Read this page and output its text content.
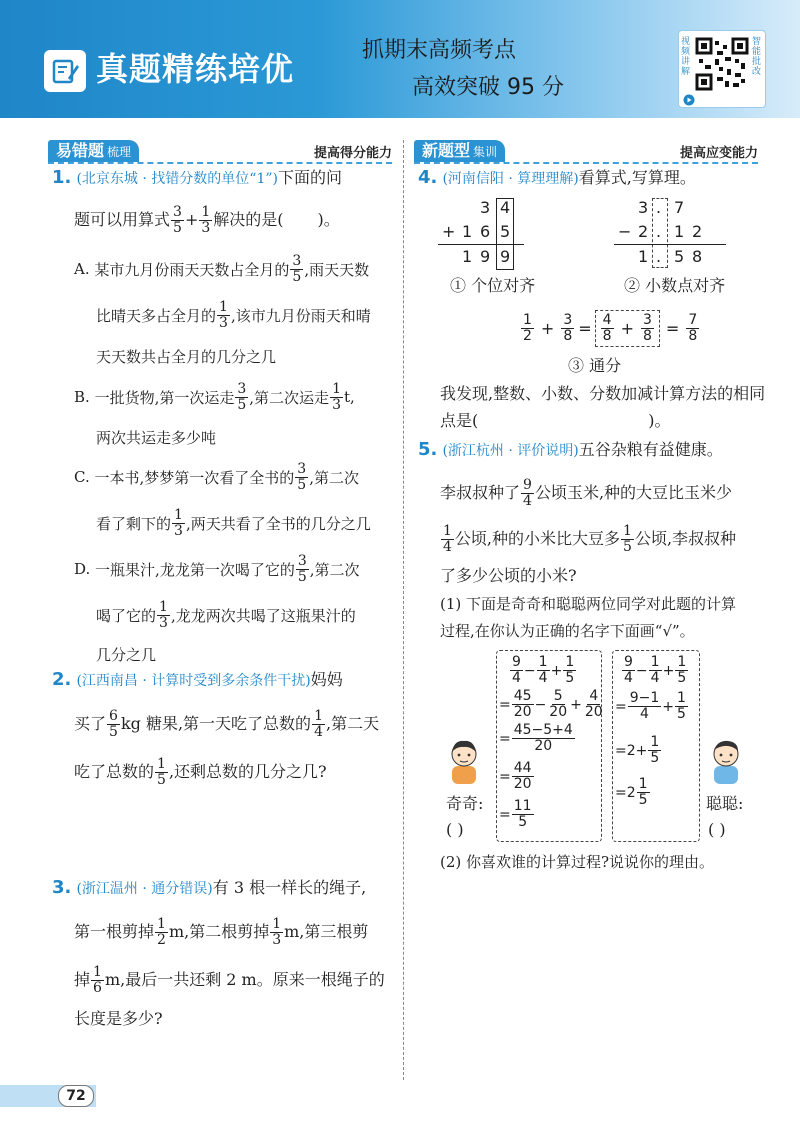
真题精练培优	抓期末高频考点
高效突破 95 分
视频讲解
智能批改
易错题 梳理	提高得分能力	新题型 集训	提高应变能力
1. (北京东城 · 找错分数的单位“1”)下面的问
题可以用算式 $\frac{3}{5} + \frac{1}{3}$ 解决的是( )。
A.
某市九月份雨天天数占全月的 $\frac{3}{5}$ ,雨天天数
比晴天多占全月的 $\frac{1}{3}$ ,该市九月份雨天和晴
天天数共占全月的几分之几
B.
一批货物,第一次运走 $\frac{3}{5}$ ,第二次运走 $\frac{1}{3} t$,
两次共运走多少吨
C.
一本书,梦梦第一次看了全书的 $\frac{3}{5}$ ,第二次
看了剩下的 $\frac{1}{3}$ ,两天共看了全书的几分之几
D.
一瓶果汁,龙龙第一次喝了它的 $\frac{3}{5}$ ,第二次
喝了它的 $\frac{1}{3}$ ,龙龙两次共喝了这瓶果汁的
几分之几
2. (江西南昌 · 计算时受到多余条件干扰)妈妈
买了 $\frac{6}{5}$ kg 糖果,第一天吃了总数的 $\frac{1}{4}$ ,第二天
吃了总数的 $\frac{1}{5}$ ,还剩总数的几分之几?
3. (浙江温州 · 通分错误)有 3 根一样长的绳子,
第一根剪掉 $\frac{1}{2} m$,第二根剪掉 $\frac{1}{3} m$,第三根剪
掉 $\frac{1}{6} m$,最后一共还剩 2 m。原来一根绳子的
长度是多少?
4. (河南信阳 · 算理理解)看算式,写算理。
3 4
+ 1 6 5
1 9 9
① 个位对齐
3 . 7
− 2 . 1 2
1 . 5 8
② 小数点对齐
$\frac{1}{2} + \frac{3}{8} = \frac{4}{8} + \frac{3}{8} = \frac{7}{8}$
③ 通分
我发现,整数、小数、分数加减计算方法的相同
点是(	)。
5. (浙江杭州 · 评价说明)五谷杂粮有益健康。
李叔叔种了 $\frac{9}{4}$ 公顷玉米,种的大豆比玉米少
$\frac{1}{4}$ 公顷,种的小米比大豆多 $\frac{1}{5}$ 公顷,李叔叔种
了多少公顷的小米?
(1) 下面是奇奇和聪聪两位同学对此题的计算
过程,在你认为正确的名字下面画“√”。
$\frac{9}{4} - \frac{1}{4} + \frac{1}{5}$
= $\frac{45}{20} - \frac{5}{20} + \frac{4}{20}$
= $\frac{45-5+4}{20}$
= $\frac{44}{20}$
= $\frac{11}{5}$
$\frac{9}{4} - \frac{1}{4} + \frac{1}{5}$
= $\frac{9-1}{4} + \frac{1}{5}$
= $2+ \frac{1}{5}$
= $2 \frac{1}{5}$
奇奇:
( )
聪聪:
( )
(2) 你喜欢谁的计算过程?说说你的理由。
72
